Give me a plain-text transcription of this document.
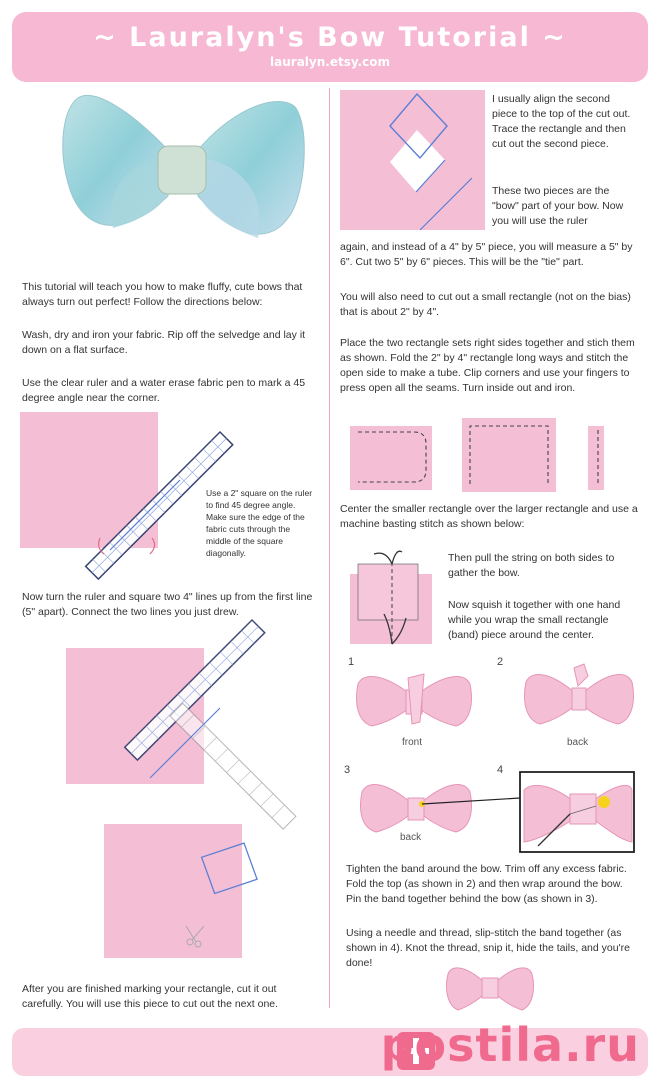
~ Lauralyn's Bow Tutorial ~
lauralyn.etsy.com

This tutorial will teach you how to make fluffy, cute bows that always turn out perfect! Follow the directions below:

Wash, dry and iron your fabric. Rip off the selvedge and lay it down on a flat surface.

Use the clear ruler and a water erase fabric pen to mark a 45 degree angle near the corner.

Use a 2" square on the ruler to find 45 degree angle. Make sure the edge of the fabric cuts through the middle of the square diagonally.

Now turn the ruler and square two 4" lines up from the first line (5" apart). Connect the two lines you just drew.

After you are finished marking your rectangle, cut it out carefully. You will use this piece to cut out the next one.

I usually align the second piece to the top of the cut out. Trace the rectangle and then cut out the second piece.

These two pieces are the "bow" part of your bow. Now you will use the ruler

again, and instead of a 4" by 5" piece, you will measure a 5" by 6". Cut two 5" by 6" pieces. This will be the "tie" part.

You will also need to cut out a small rectangle (not on the bias) that is about 2" by 4".

Place the two rectangle sets right sides together and stich them as shown. Fold the 2" by 4" rectangle long ways and stitch the open side to make a tube. Clip corners and use your fingers to press open all the seams. Turn inside out and iron.

Center the smaller rectangle over the larger rectangle and use a machine basting stitch as shown below:

Then pull the string on both sides to gather the bow.

Now squish it together with one hand while you wrap the small rectangle (band) piece around the center.

1	2
3	4
front	back
back

Tighten the band around the bow. Trim off any excess fabric. Fold the top (as shown in 2) and then wrap around the bow. Pin the band together behind the bow (as shown in 3).

Using a needle and thread, slip-stitch the band together (as shown in 4). Knot the thread, snip it, hide the tails, and you're done!

postila.ru
